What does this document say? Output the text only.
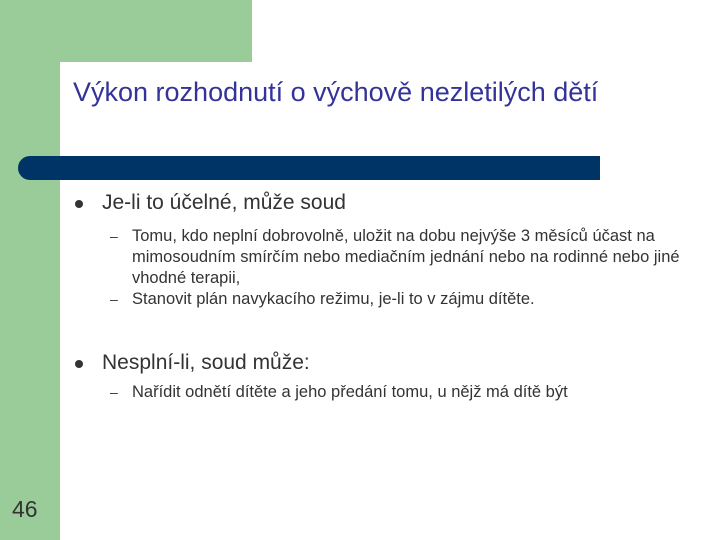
Výkon rozhodnutí o výchově nezletilých dětí
Je-li to účelné, může soud
– Tomu, kdo neplní dobrovolně, uložit na dobu nejvýše 3 měsíců účast na mimosoudním smírčím nebo mediačním jednání nebo na rodinné nebo jiné vhodné terapii,
– Stanovit plán navykacího režimu, je-li to v zájmu dítěte.
Nesplní-li, soud může:
– Nařídit odnětí dítěte a jeho předání tomu, u nějž má dítě být
46
